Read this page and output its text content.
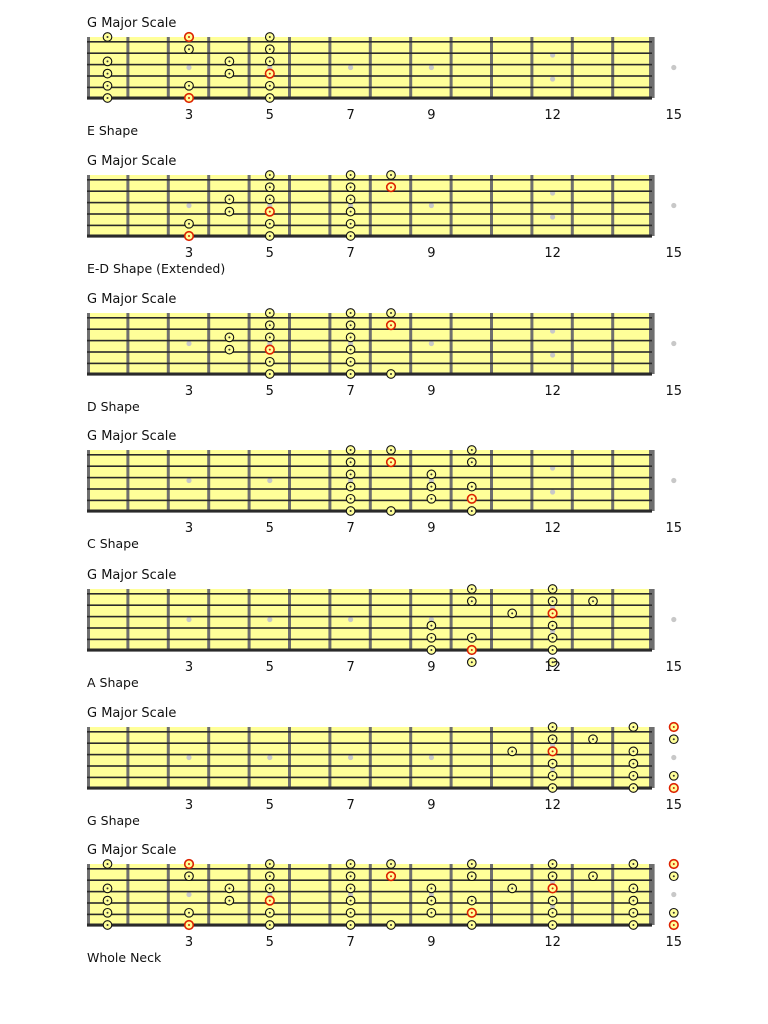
G Major Scale
3	5	7	9	12	15
E Shape
G Major Scale
3	5	7	9	12	15
E-D Shape (Extended)
G Major Scale
3	5	7	9	12	15
D Shape
G Major Scale
3	5	7	9	12	15
C Shape
G Major Scale
3	5	7	9	12	15
A Shape
G Major Scale
3	5	7	9	12	15
G Shape
G Major Scale
3	5	7	9	12	15
Whole Neck
